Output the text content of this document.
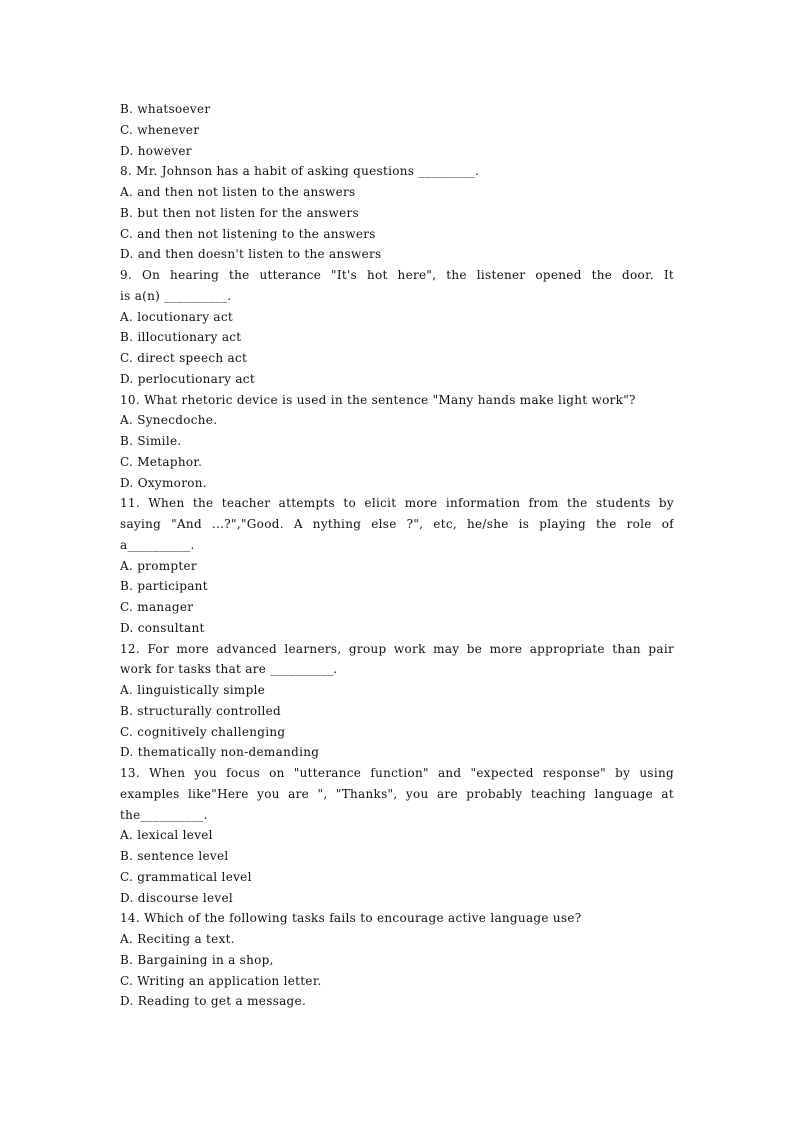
B. whatsoever
C. whenever
D. however
8. Mr. Johnson has a habit of asking questions _________.
A. and then not listen to the answers
B. but then not listen for the answers
C. and then not listening to the answers
D. and then doesn't listen to the answers
9. On hearing the utterance "It's hot here", the listener opened the door. It
is a(n) __________.
A. locutionary act
B. illocutionary act
C. direct speech act
D. perlocutionary act
10. What rhetoric device is used in the sentence "Many hands make light work"?
A. Synecdoche.
B. Simile.
C. Metaphor.
D. Oxymoron.
11. When the teacher attempts to elicit more information from the students by
saying "And ...?","Good. A nything else ?", etc, he/she is playing the role of
a__________.
A. prompter
B. participant
C. manager
D. consultant
12. For more advanced learners, group work may be more appropriate than pair
work for tasks that are __________.
A. linguistically simple
B. structurally controlled
C. cognitively challenging
D. thematically non-demanding
13. When you focus on "utterance function" and "expected response" by using
examples like"Here you are ", "Thanks", you are probably teaching language at
the__________.
A. lexical level
B. sentence level
C. grammatical level
D. discourse level
14. Which of the following tasks fails to encourage active language use?
A. Reciting a text.
B. Bargaining in a shop,
C. Writing an application letter.
D. Reading to get a message.
